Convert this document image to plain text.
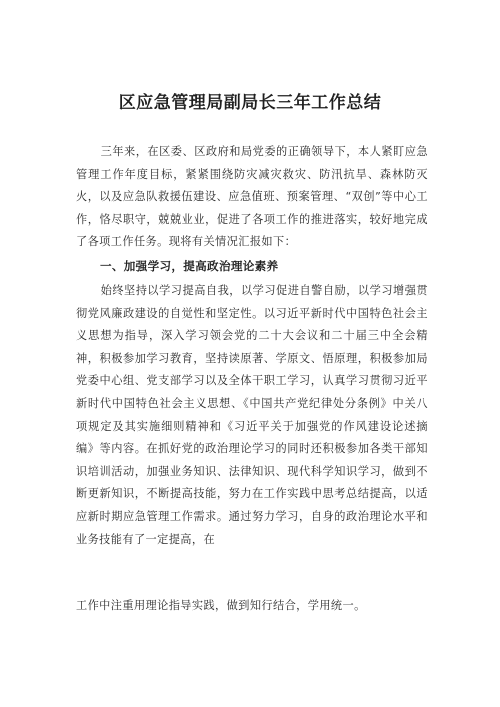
区应急管理局副局长三年工作总结

三年来，在区委、区政府和局党委的正确领导下，本人紧盯应急管理工作年度目标，紧紧围绕防灾减灾救灾、防汛抗旱、森林防灭火，以及应急队救援伍建设、应急值班、预案管理、“双创”等中心工作，恪尽职守，兢兢业业，促进了各项工作的推进落实，较好地完成了各项工作任务。现将有关情况汇报如下：

一、加强学习，提高政治理论素养

始终坚持以学习提高自我，以学习促进自警自励，以学习增强贯彻党风廉政建设的自觉性和坚定性。以习近平新时代中国特色社会主义思想为指导，深入学习领会党的二十大会议和二十届三中全会精神，积极参加学习教育，坚持读原著、学原文、悟原理，积极参加局党委中心组、党支部学习以及全体干职工学习，认真学习贯彻习近平新时代中国特色社会主义思想、《中国共产党纪律处分条例》中关八项规定及其实施细则精神和《习近平关于加强党的作风建设论述摘编》等内容。在抓好党的政治理论学习的同时还积极参加各类干部知识培训活动，加强业务知识、法律知识、现代科学知识学习，做到不断更新知识，不断提高技能，努力在工作实践中思考总结提高，以适应新时期应急管理工作需求。通过努力学习，自身的政治理论水平和业务技能有了一定提高，在

工作中注重用理论指导实践，做到知行结合，学用统一。
